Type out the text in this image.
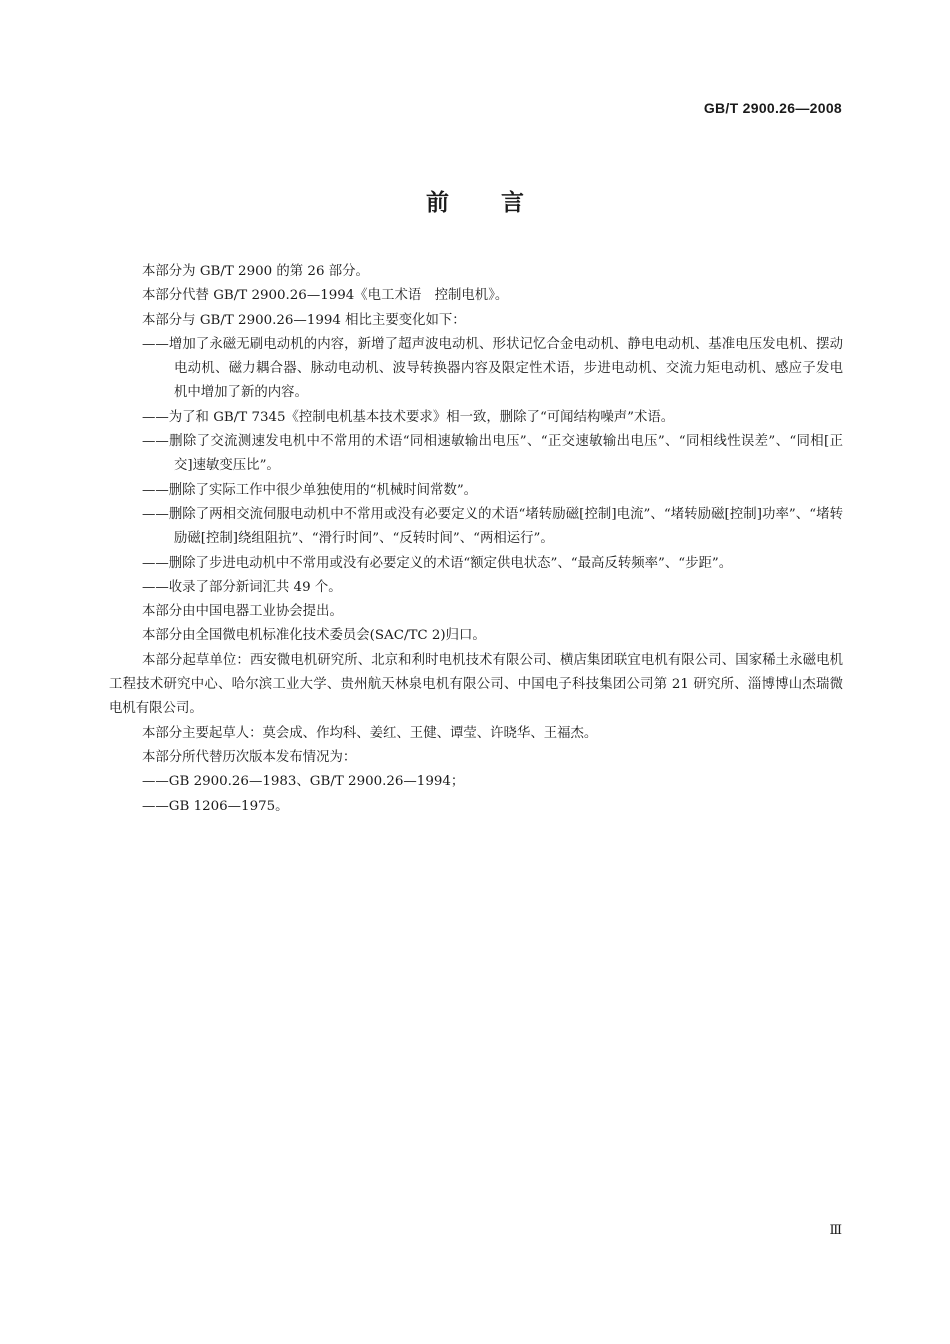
GB/T 2900.26—2008
前言

本部分为 GB/T 2900 的第 26 部分。

本部分代替 GB/T 2900.26—1994《电工术语　控制电机》。

本部分与 GB/T 2900.26—1994 相比主要变化如下：

——增加了永磁无刷电动机的内容，新增了超声波电动机、形状记忆合金电动机、静电电动机、基准电压发电机、摆动电动机、磁力耦合器、脉动电动机、波导转换器内容及限定性术语，步进电动机、交流力矩电动机、感应子发电机中增加了新的内容。

——为了和 GB/T 7345《控制电机基本技术要求》相一致，删除了“可闻结构噪声”术语。

——删除了交流测速发电机中不常用的术语“同相速敏输出电压”、“正交速敏输出电压”、“同相线性误差”、“同相[正交]速敏变压比”。

——删除了实际工作中很少单独使用的“机械时间常数”。

——删除了两相交流伺服电动机中不常用或没有必要定义的术语“堵转励磁[控制]电流”、“堵转励磁[控制]功率”、“堵转励磁[控制]绕组阻抗”、“滑行时间”、“反转时间”、“两相运行”。

——删除了步进电动机中不常用或没有必要定义的术语“额定供电状态”、“最高反转频率”、“步距”。

——收录了部分新词汇共 49 个。

本部分由中国电器工业协会提出。

本部分由全国微电机标准化技术委员会(SAC/TC 2)归口。

本部分起草单位：西安微电机研究所、北京和利时电机技术有限公司、横店集团联宜电机有限公司、国家稀土永磁电机工程技术研究中心、哈尔滨工业大学、贵州航天林泉电机有限公司、中国电子科技集团公司第 21 研究所、淄博博山杰瑞微电机有限公司。

本部分主要起草人：莫会成、作均科、姜红、王健、谭莹、许晓华、王福杰。

本部分所代替历次版本发布情况为：

——GB 2900.26—1983、GB/T 2900.26—1994；

——GB 1206—1975。

Ⅲ
